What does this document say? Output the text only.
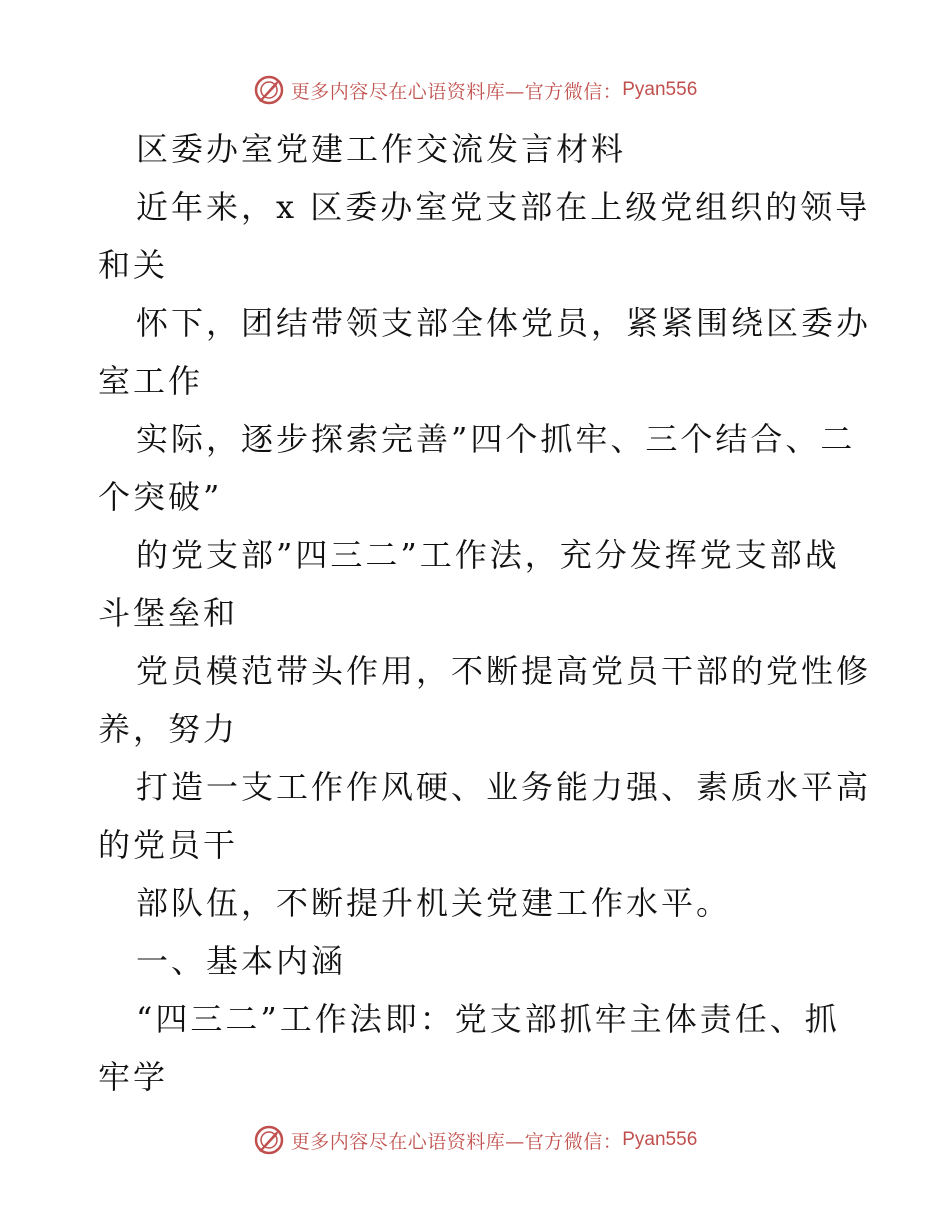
更多内容尽在心语资料库—官方微信： Pyan556
区委办室党建工作交流发言材料
近年来，x 区委办室党支部在上级党组织的领导
和关
怀下，团结带领支部全体党员，紧紧围绕区委办
室工作
实际，逐步探索完善”四个抓牢、三个结合、二
个突破”
的党支部”四三二”工作法，充分发挥党支部战
斗堡垒和
党员模范带头作用，不断提高党员干部的党性修
养，努力
打造一支工作作风硬、业务能力强、素质水平高
的党员干
部队伍，不断提升机关党建工作水平。
一、基本内涵
“四三二”工作法即：党支部抓牢主体责任、抓
牢学
更多内容尽在心语资料库—官方微信： Pyan556
